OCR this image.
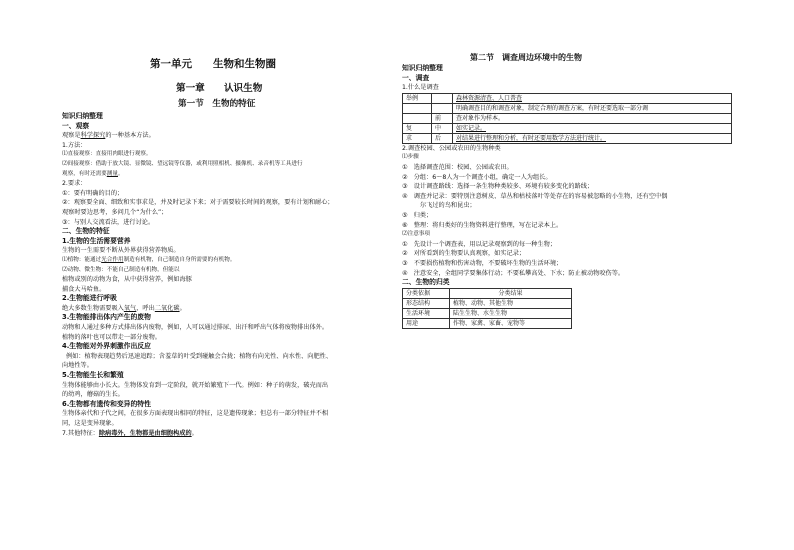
第一单元　　生物和生物圈
第一章　　认识生物
第一节　生物的特征
知识归纳整理
一、观察
观察是科学探究的一种基本方法。
1.方法：
⑴直接观察：直接用肉眼进行观察。
⑵间接观察：借助于放大镜、显微镜、望远镜等仪器，或利用照相机、摄像机、录音机等工具进行
观察，有时还需要测量。
2.要求：
①：要有明确的目的；
②：观察要全面、细致和实事求是，并及时记录下来；对于需要较长时间的观察，要有计划和耐心；
观察时要边思考，多问几个“为什么”；
③：与别人交流看法，进行讨论。
二、生物的特征
1.生物的生活需要营养
生物的一生需要不断从外界获得营养物质。
⑴植物：能通过光合作用制造有机物，自己制造自身所需要的有机物。
⑵动物、微生物：不能自己制造有机物，但能以
植物或别的动物为食，从中获得营养，例如海豚
捕食大马哈鱼。
2.生物能进行呼吸
绝大多数生物需要吸入氧气，呼出二氧化碳。
3.生物能排出体内产生的废物
动物和人通过多种方式排出体内废物，例如，人可以通过排尿、出汗和呼出气体将废物排出体外。
植物的落叶也可以带走一部分废物。
4.生物能对外界刺激作出反应
例如：植物表现趋势后迅速追踪；含羞草的叶受到碰触会合拢；植物有向光性、向水性、向肥性、
向地性等。
5.生物能生长和繁殖
生物体能够由小长大。生物体发育到一定阶段，就开始繁殖下一代。例如：种子的萌发，破壳而出
的幼鸡，蘑菇的生长。
6.生物都有遗传和变异的特性
生物体亲代和子代之间，在很多方面表现出相同的特征，这是遗传现象；但总有一部分特征并不相
同，这是变异现象。
7.其他特征：除病毒外，生物都是由细胞构成的。
第二节　调查周边环境中的生物
知识归纳整理
一、调查
1.什么是调查
举例		森林资源清查、人口普查
		明确调查目的和调查对象，制定合理的调查方案，有时还要选取一部分调
	前	查对象作为样本。
复	中	如实记录。
求	后	对结果进行整理和分析，有时还要用数学方法进行统计。
2.调查校园、公园或农田的生物种类
⑴步骤
①　选择调查范围：校园、公园或农田。
②　分组：6～8人为一个调查小组，确定一人为组长。
③　设计调查路线：选择一条生物种类较多、环境有较多变化的路线；
④　调查并记录：要特别注意树皮、草丛和枯枝落叶等处存在的容易被忽略的小生物，还有空中偶
尔飞过的鸟和昆虫；
⑤　归类；
⑥　整理：将归类好的生物资料进行整理，写在记录本上。
⑵注意事项
①　先设计一个调查表，用以记录观察到的每一种生物；
②　对所看到的生物要认真观察，如实记录；
③　不要损伤植物和伤害动物，不要破坏生物的生活环境；
④　注意安全，全组同学要集体行动；不要私攀高处、下水；防止被动物咬伤等。
二、生物的归类
分类依据	分类结果
形态结构	植物、动物、其他生物
生活环境	陆生生物、水生生物
用途	作物、家禽、家畜、宠物等
